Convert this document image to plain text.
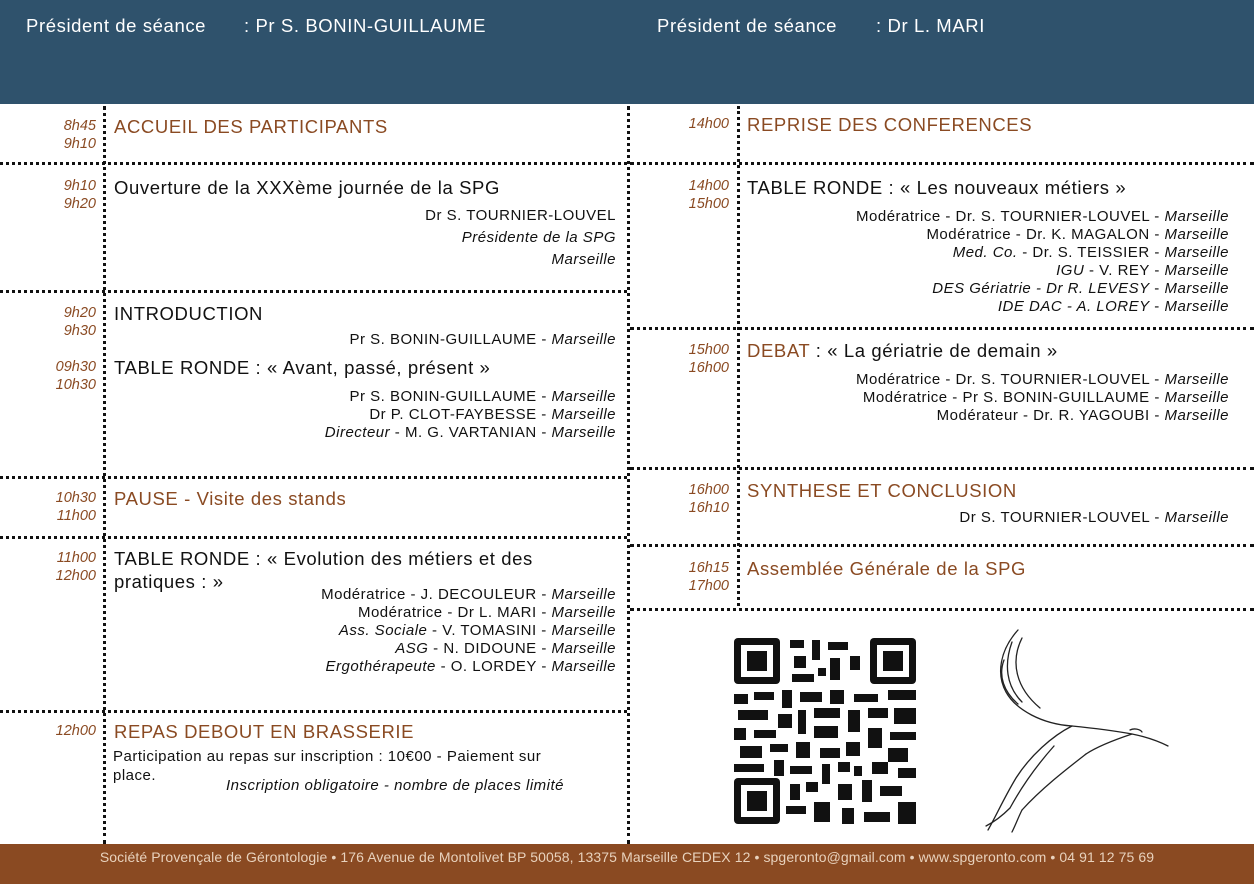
Président de séance : Pr S. BONIN-GUILLAUME	Président de séance : Dr L. MARI
8h45
9h10
ACCUEIL DES PARTICIPANTS
9h10
9h20
Ouverture de la XXXème journée de la SPG
Dr S. TOURNIER-LOUVEL
Présidente de la SPG
Marseille
9h20
9h30
INTRODUCTION
Pr S. BONIN-GUILLAUME - Marseille
09h30
10h30
TABLE RONDE : « Avant, passé, présent »
Pr S. BONIN-GUILLAUME - Marseille
Dr P. CLOT-FAYBESSE - Marseille
Directeur - M. G. VARTANIAN - Marseille
10h30
11h00
PAUSE - Visite des stands
11h00
12h00
TABLE RONDE : « Evolution des métiers et des
pratiques : »
Modératrice - J. DECOULEUR - Marseille
Modératrice - Dr L. MARI - Marseille
Ass. Sociale - V. TOMASINI - Marseille
ASG - N. DIDOUNE - Marseille
Ergothérapeute - O. LORDEY - Marseille
12h00 REPAS DEBOUT EN BRASSERIE
Participation au repas sur inscription : 10€00 - Paiement sur
place.
Inscription obligatoire - nombre de places limité
14h00 REPRISE DES CONFERENCES
14h00
15h00
TABLE RONDE : « Les nouveaux métiers »
Modératrice - Dr. S. TOURNIER-LOUVEL - Marseille
Modératrice - Dr. K. MAGALON - Marseille
Med. Co. - Dr. S. TEISSIER - Marseille
IGU - V. REY - Marseille
DES Gériatrie - Dr R. LEVESY - Marseille
IDE DAC - A. LOREY - Marseille
15h00
16h00
DEBAT : « La gériatrie de demain »
Modératrice - Dr. S. TOURNIER-LOUVEL - Marseille
Modératrice - Pr S. BONIN-GUILLAUME - Marseille
Modérateur - Dr. R. YAGOUBI - Marseille
16h00
16h10
SYNTHESE ET CONCLUSION
Dr S. TOURNIER-LOUVEL - Marseille
16h15
17h00
Assemblée Générale de la SPG
Société Provençale de Gérontologie • 176 Avenue de Montolivet BP 50058, 13375 Marseille CEDEX 12 • spgeronto@gmail.com • www.spgeronto.com • 04 91 12 75 69
